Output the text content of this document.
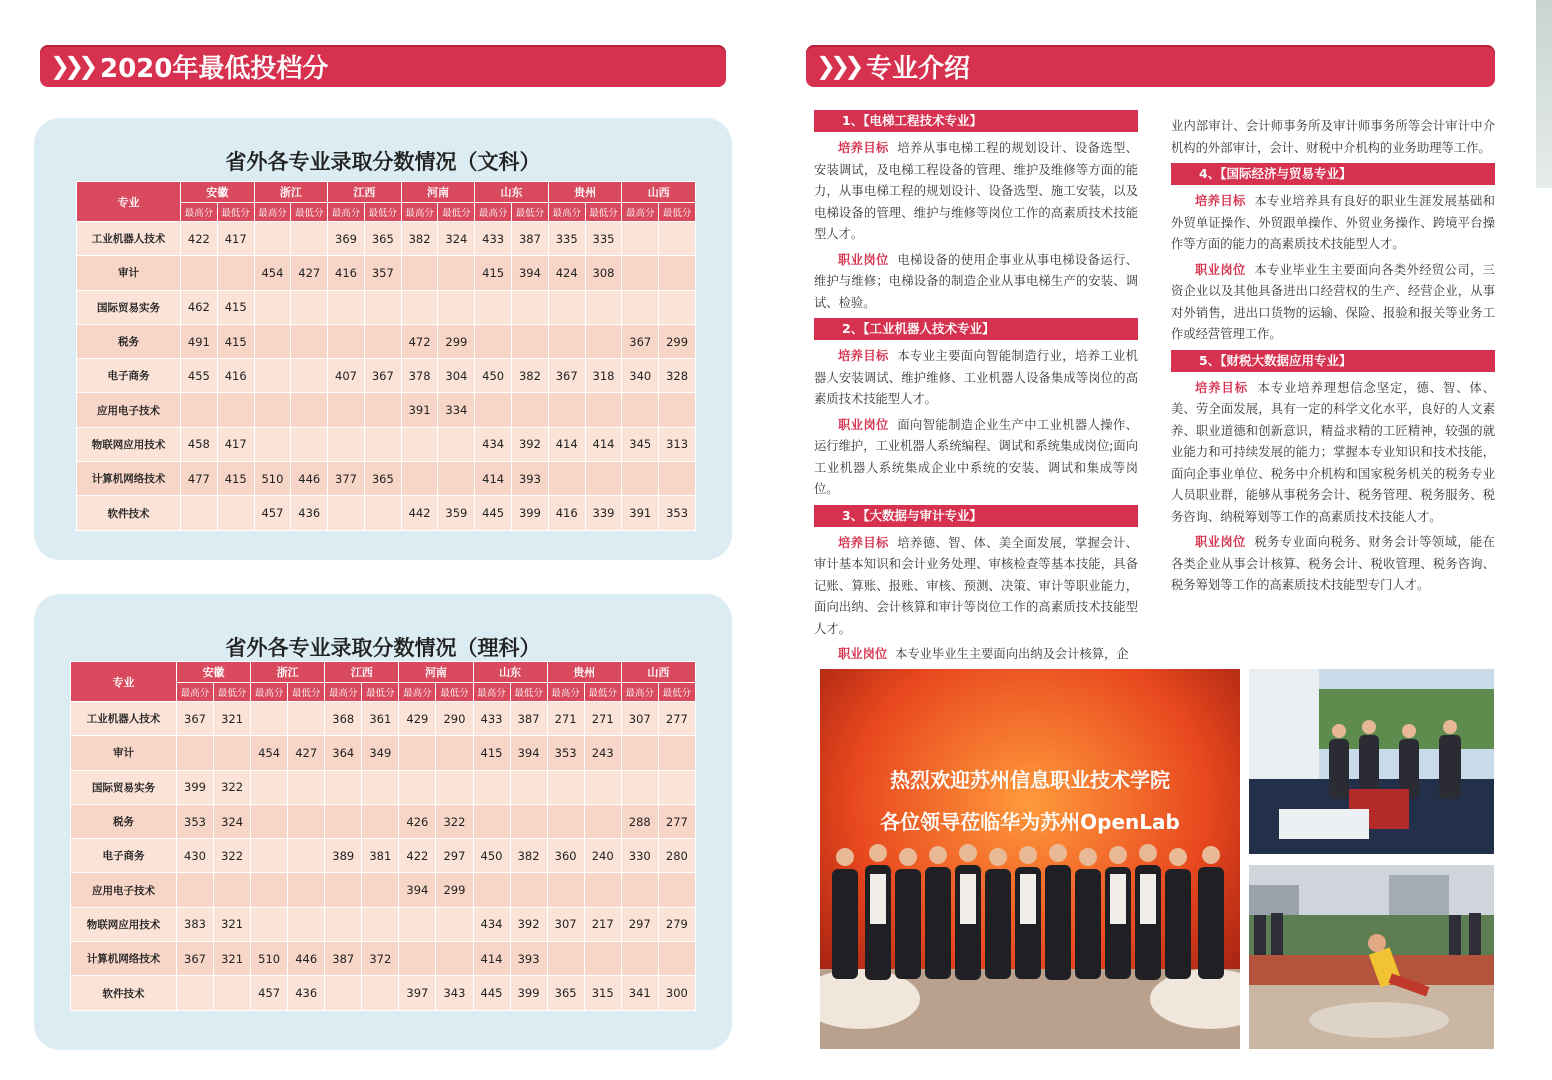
❯❯❯ 2020年最低投档分	❯❯❯ 专业介绍
省外各专业录取分数情况（文科）
专业	安徽		浙江		江西		河南		山东		贵州		山西	
	最高分	最低分	最高分	最低分	最高分	最低分	最高分	最低分	最高分	最低分	最高分	最低分	最高分	最低分
工业机器人技术	422	417			369	365	382	324	433	387	335	335		
审计			454	427	416	357			415	394	424	308		
国际贸易实务	462	415												
税务	491	415					472	299					367	299
电子商务	455	416			407	367	378	304	450	382	367	318	340	328
应用电子技术							391	334						
物联网应用技术	458	417							434	392	414	414	345	313
计算机网络技术	477	415	510	446	377	365			414	393				
软件技术			457	436			442	359	445	399	416	339	391	353
省外各专业录取分数情况（理科）
专业	安徽		浙江		江西		河南		山东		贵州		山西	
	最高分	最低分	最高分	最低分	最高分	最低分	最高分	最低分	最高分	最低分	最高分	最低分	最高分	最低分
工业机器人技术	367	321			368	361	429	290	433	387	271	271	307	277
审计			454	427	364	349			415	394	353	243		
国际贸易实务	399	322												
税务	353	324					426	322					288	277
电子商务	430	322			389	381	422	297	450	382	360	240	330	280
应用电子技术							394	299						
物联网应用技术	383	321							434	392	307	217	297	279
计算机网络技术	367	321	510	446	387	372			414	393				
软件技术			457	436			397	343	445	399	365	315	341	300
1、【电梯工程技术专业】

培养目标 培养从事电梯工程的规划设计、设备选型、安装调试，及电梯工程设备的管理、维护及维修等方面的能力，从事电梯工程的规划设计、设备选型、施工安装，以及电梯设备的管理、维护与维修等岗位工作的高素质技术技能型人才。

职业岗位 电梯设备的使用企事业从事电梯设备运行、维护与维修；电梯设备的制造企业从事电梯生产的安装、调试、检验。

2、【工业机器人技术专业】

培养目标 本专业主要面向智能制造行业，培养工业机器人安装调试、维护维修、工业机器人设备集成等岗位的高素质技术技能型人才。

职业岗位 面向智能制造企业生产中工业机器人操作、运行维护，工业机器人系统编程、调试和系统集成岗位;面向工业机器人系统集成企业中系统的安装、调试和集成等岗位。

3、【大数据与审计专业】

培养目标 培养德、智、体、美全面发展，掌握会计、审计基本知识和会计业务处理、审核检查等基本技能，具备记账、算账、报账、审核、预测、决策、审计等职业能力，面向出纳、会计核算和审计等岗位工作的高素质技术技能型人才。

职业岗位 本专业毕业生主要面向出纳及会计核算，企

业内部审计、会计师事务所及审计师事务所等会计审计中介机构的外部审计，会计、财税中介机构的业务助理等工作。

4、【国际经济与贸易专业】

培养目标 本专业培养具有良好的职业生涯发展基础和外贸单证操作、外贸跟单操作、外贸业务操作、跨境平台操作等方面的能力的高素质技术技能型人才。

职业岗位 本专业毕业生主要面向各类外经贸公司，三资企业以及其他具备进出口经营权的生产、经营企业，从事对外销售，进出口货物的运输、保险、报验和报关等业务工作或经营管理工作。

5、【财税大数据应用专业】

培养目标 本专业培养理想信念坚定，德、智、体、美、劳全面发展，具有一定的科学文化水平，良好的人文素养、职业道德和创新意识，精益求精的工匠精神，较强的就业能力和可持续发展的能力；掌握本专业知识和技术技能，面向企事业单位、税务中介机构和国家税务机关的税务专业人员职业群，能够从事税务会计、税务管理、税务服务、税务咨询、纳税筹划等工作的高素质技术技能人才。

职业岗位 税务专业面向税务、财务会计等领域，能在各类企业从事会计核算、税务会计、税收管理、税务咨询、税务筹划等工作的高素质技术技能型专门人才。

热烈欢迎苏州信息职业技术学院
各位领导莅临华为苏州OpenLab
